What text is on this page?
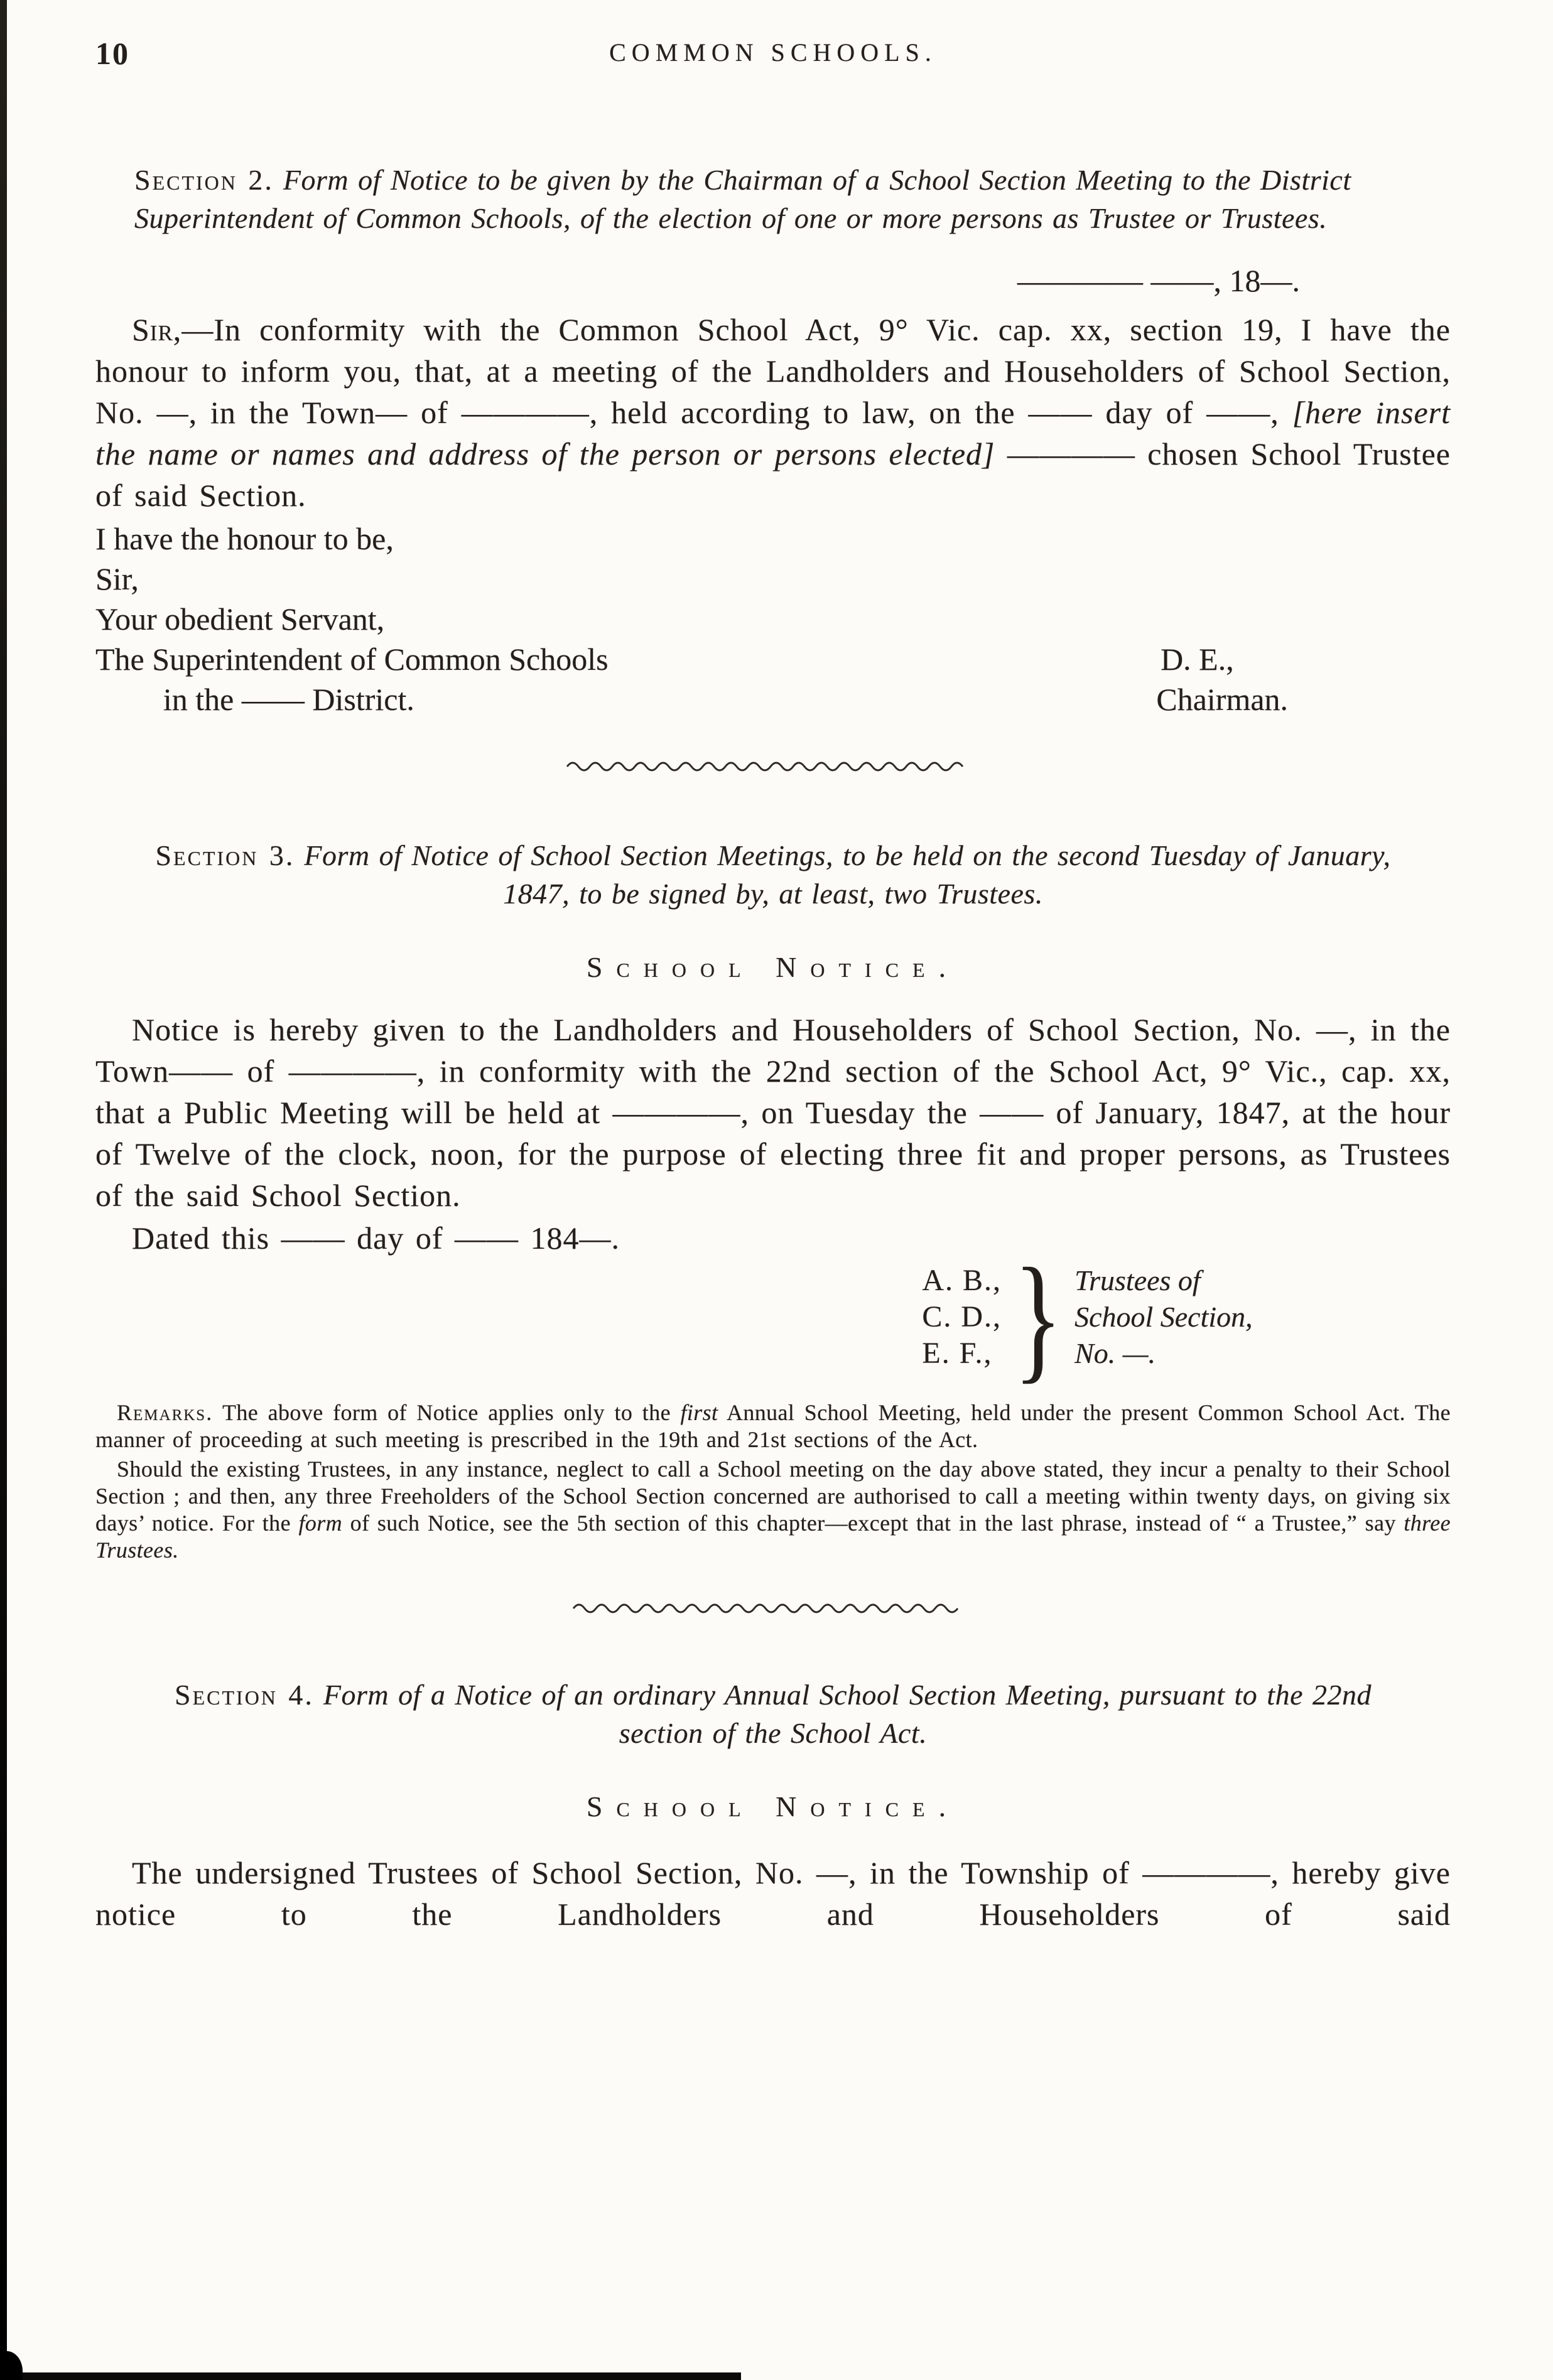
10	COMMON SCHOOLS.

Section 2. Form of Notice to be given by the Chairman of a School Section Meeting to the District Superintendent of Common Schools, of the election of one or more persons as Trustee or Trustees.

———— ——, 18—.

Sir,—In conformity with the Common School Act, 9° Vic. cap. xx, section 19, I have the honour to inform you, that, at a meeting of the Landholders and Householders of School Section, No. —, in the Town— of ————, held according to law, on the —— day of ——, [here insert the name or names and address of the person or persons elected] ———— chosen School Trustee of said Section.

I have the honour to be,

Sir,

Your obedient Servant,

The Superintendent of Common Schools	D. E.,
in the —— District.	Chairman.

Section 3. Form of Notice of School Section Meetings, to be held on the second Tuesday of January, 1847, to be signed by, at least, two Trustees.

School Notice.

Notice is hereby given to the Landholders and Householders of School Section, No. —, in the Town—— of ————, in conformity with the 22nd section of the School Act, 9° Vic., cap. xx, that a Public Meeting will be held at ————, on Tuesday the —— of January, 1847, at the hour of Twelve of the clock, noon, for the purpose of electing three fit and proper persons, as Trustees of the said School Section.

Dated this —— day of —— 184—.

A. B.,

C. D.,

E. F., } Trustees of

School Section,

No. —.

Remarks. The above form of Notice applies only to the first Annual School Meeting, held under the present Common School Act. The manner of proceeding at such meeting is prescribed in the 19th and 21st sections of the Act.

Should the existing Trustees, in any instance, neglect to call a School meeting on the day above stated, they incur a penalty to their School Section ; and then, any three Freeholders of the School Section concerned are authorised to call a meeting within twenty days, on giving six days’ notice. For the form of such Notice, see the 5th section of this chapter—except that in the last phrase, instead of “ a Trustee,” say three Trustees.

Section 4. Form of a Notice of an ordinary Annual School Section Meeting, pursuant to the 22nd section of the School Act.

School Notice.

The undersigned Trustees of School Section, No. —, in the Township of ————, hereby give notice to the Landholders and Householders of said
